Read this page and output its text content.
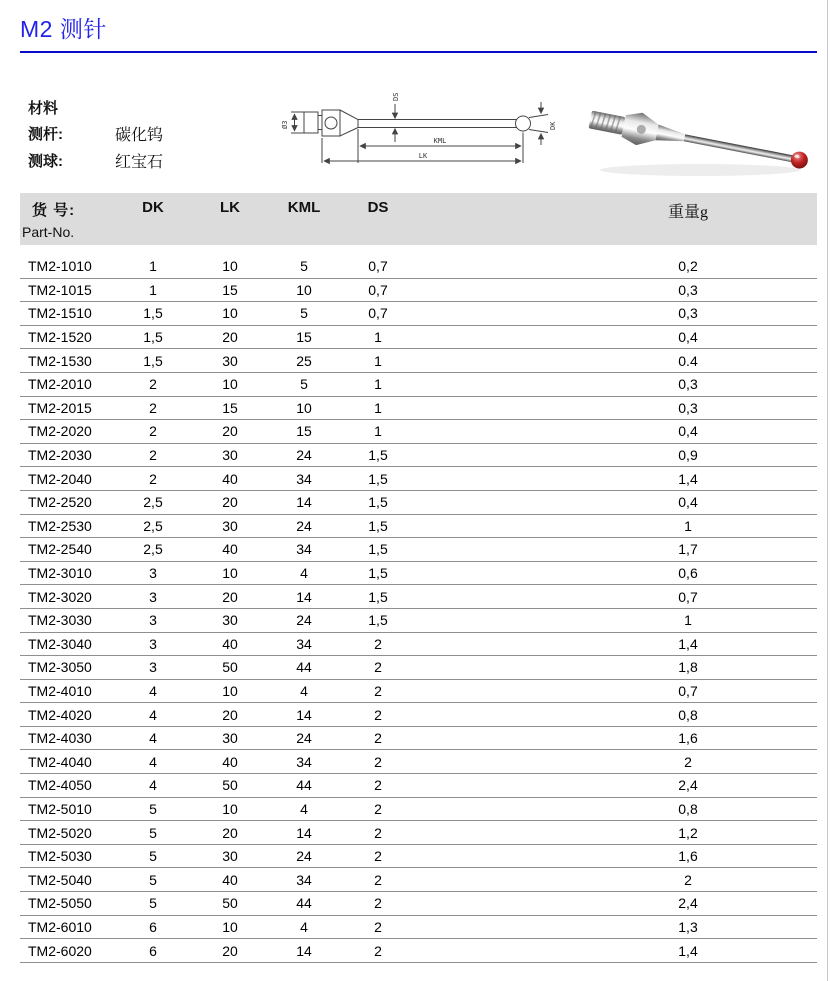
M2 测针
材料
测杆:	碳化钨
测球:	红宝石
Ø3
DS
DK
KML
LK
货 号:
Part-No.
DK	LK	KML	DS	重量g
TM2-1010	1	10	5	0,7	0,2
TM2-1015	1	15	10	0,7	0,3
TM2-1510	1,5	10	5	0,7	0,3
TM2-1520	1,5	20	15	1	0,4
TM2-1530	1,5	30	25	1	0.4
TM2-2010	2	10	5	1	0,3
TM2-2015	2	15	10	1	0,3
TM2-2020	2	20	15	1	0,4
TM2-2030	2	30	24	1,5	0,9
TM2-2040	2	40	34	1,5	1,4
TM2-2520	2,5	20	14	1,5	0,4
TM2-2530	2,5	30	24	1,5	1
TM2-2540	2,5	40	34	1,5	1,7
TM2-3010	3	10	4	1,5	0,6
TM2-3020	3	20	14	1,5	0,7
TM2-3030	3	30	24	1,5	1
TM2-3040	3	40	34	2	1,4
TM2-3050	3	50	44	2	1,8
TM2-4010	4	10	4	2	0,7
TM2-4020	4	20	14	2	0,8
TM2-4030	4	30	24	2	1,6
TM2-4040	4	40	34	2	2
TM2-4050	4	50	44	2	2,4
TM2-5010	5	10	4	2	0,8
TM2-5020	5	20	14	2	1,2
TM2-5030	5	30	24	2	1,6
TM2-5040	5	40	34	2	2
TM2-5050	5	50	44	2	2,4
TM2-6010	6	10	4	2	1,3
TM2-6020	6	20	14	2	1,4
